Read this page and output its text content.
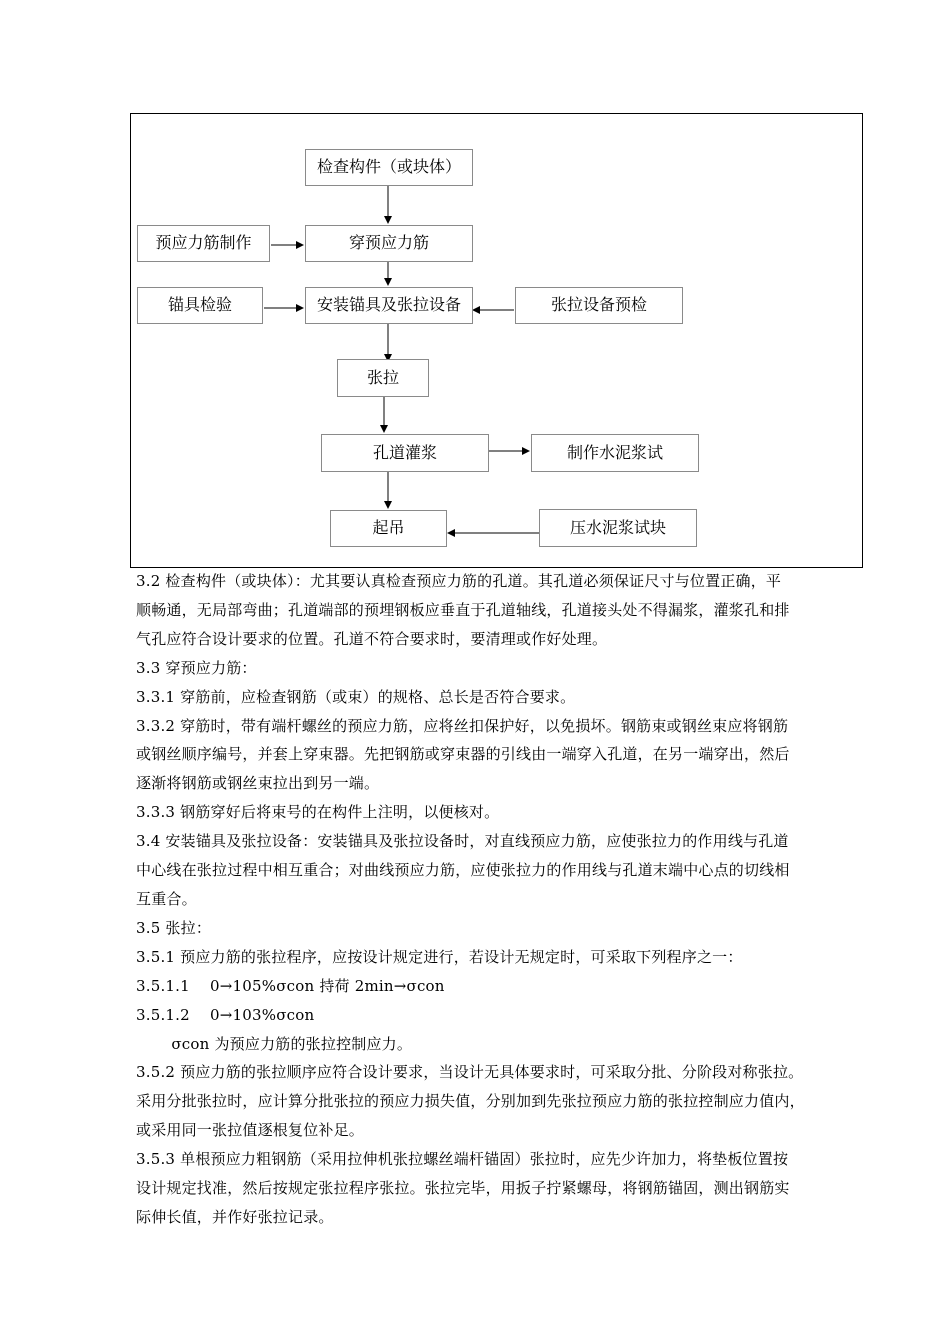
检查构件（或块体）
预应力筋制作	穿预应力筋
锚具检验	安装锚具及张拉设备	张拉设备预检
张拉
孔道灌浆	制作水泥浆试
起吊	压水泥浆试块

3.2 检查构件（或块体）：尤其要认真检查预应力筋的孔道。其孔道必须保证尺寸与位置正确，平

顺畅通，无局部弯曲；孔道端部的预埋钢板应垂直于孔道轴线，孔道接头处不得漏浆，灌浆孔和排

气孔应符合设计要求的位置。孔道不符合要求时，要清理或作好处理。

3.3 穿预应力筋：

3.3.1 穿筋前，应检查钢筋（或束）的规格、总长是否符合要求。

3.3.2 穿筋时，带有端杆螺丝的预应力筋，应将丝扣保护好，以免损坏。钢筋束或钢丝束应将钢筋

或钢丝顺序编号，并套上穿束器。先把钢筋或穿束器的引线由一端穿入孔道，在另一端穿出，然后

逐渐将钢筋或钢丝束拉出到另一端。

3.3.3 钢筋穿好后将束号的在构件上注明，以便核对。

3.4 安装锚具及张拉设备：安装锚具及张拉设备时，对直线预应力筋，应使张拉力的作用线与孔道

中心线在张拉过程中相互重合；对曲线预应力筋，应使张拉力的作用线与孔道末端中心点的切线相

互重合。

3.5 张拉：

3.5.1 预应力筋的张拉程序，应按设计规定进行，若设计无规定时，可采取下列程序之一：

3.5.1.1　 0→105%σcon 持荷 2min→σcon

3.5.1.2　 0→103%σcon

　　 σcon 为预应力筋的张拉控制应力。

3.5.2 预应力筋的张拉顺序应符合设计要求，当设计无具体要求时，可采取分批、分阶段对称张拉。

采用分批张拉时，应计算分批张拉的预应力损失值，分别加到先张拉预应力筋的张拉控制应力值内，

或采用同一张拉值逐根复位补足。

3.5.3 单根预应力粗钢筋（采用拉伸机张拉螺丝端杆锚固）张拉时，应先少许加力，将垫板位置按

设计规定找准，然后按规定张拉程序张拉。张拉完毕，用扳子拧紧螺母，将钢筋锚固，测出钢筋实

际伸长值，并作好张拉记录。
